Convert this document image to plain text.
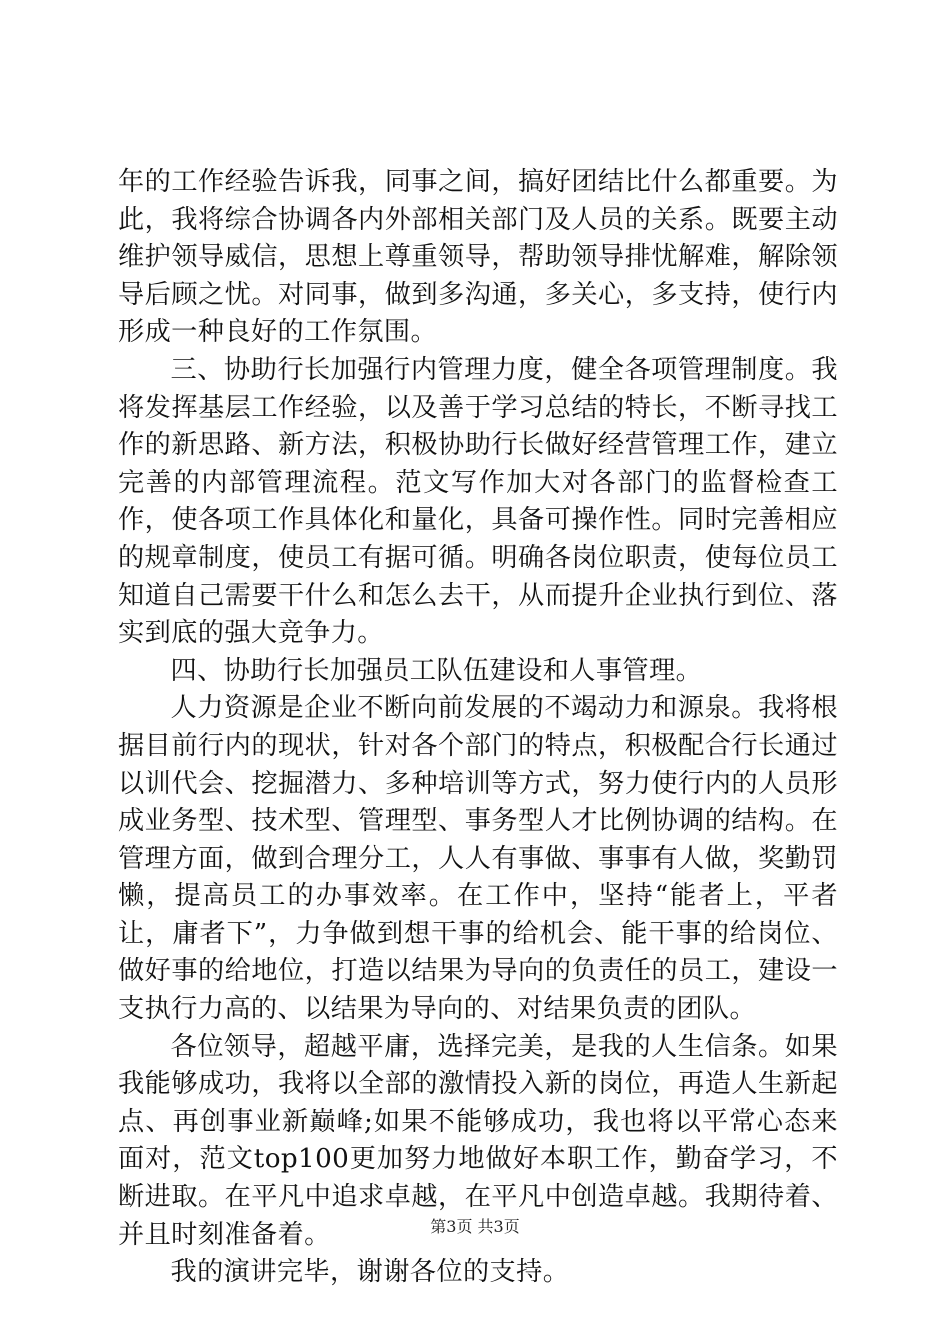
年的工作经验告诉我，同事之间，搞好团结比什么都重要。为此，我将综合协调各内外部相关部门及人员的关系。既要主动维护领导威信，思想上尊重领导，帮助领导排忧解难，解除领导后顾之忧。对同事，做到多沟通，多关心，多支持，使行内形成一种良好的工作氛围。

三、协助行长加强行内管理力度，健全各项管理制度。我将发挥基层工作经验，以及善于学习总结的特长，不断寻找工作的新思路、新方法，积极协助行长做好经营管理工作，建立完善的内部管理流程。范文写作加大对各部门的监督检查工作，使各项工作具体化和量化，具备可操作性。同时完善相应的规章制度，使员工有据可循。明确各岗位职责，使每位员工知道自己需要干什么和怎么去干，从而提升企业执行到位、落实到底的强大竞争力。

四、协助行长加强员工队伍建设和人事管理。

人力资源是企业不断向前发展的不竭动力和源泉。我将根据目前行内的现状，针对各个部门的特点，积极配合行长通过以训代会、挖掘潜力、多种培训等方式，努力使行内的人员形成业务型、技术型、管理型、事务型人才比例协调的结构。在管理方面，做到合理分工，人人有事做、事事有人做，奖勤罚懒，提高员工的办事效率。在工作中，坚持“能者上，平者让，庸者下”，力争做到想干事的给机会、能干事的给岗位、做好事的给地位，打造以结果为导向的负责任的员工，建设一支执行力高的、以结果为导向的、对结果负责的团队。

各位领导，超越平庸，选择完美，是我的人生信条。如果我能够成功，我将以全部的激情投入新的岗位，再造人生新起点、再创事业新巅峰;如果不能够成功，我也将以平常心态来面对，范文top100更加努力地做好本职工作，勤奋学习，不断进取。在平凡中追求卓越，在平凡中创造卓越。我期待着、并且时刻准备着。

我的演讲完毕，谢谢各位的支持。

第3页 共3页
